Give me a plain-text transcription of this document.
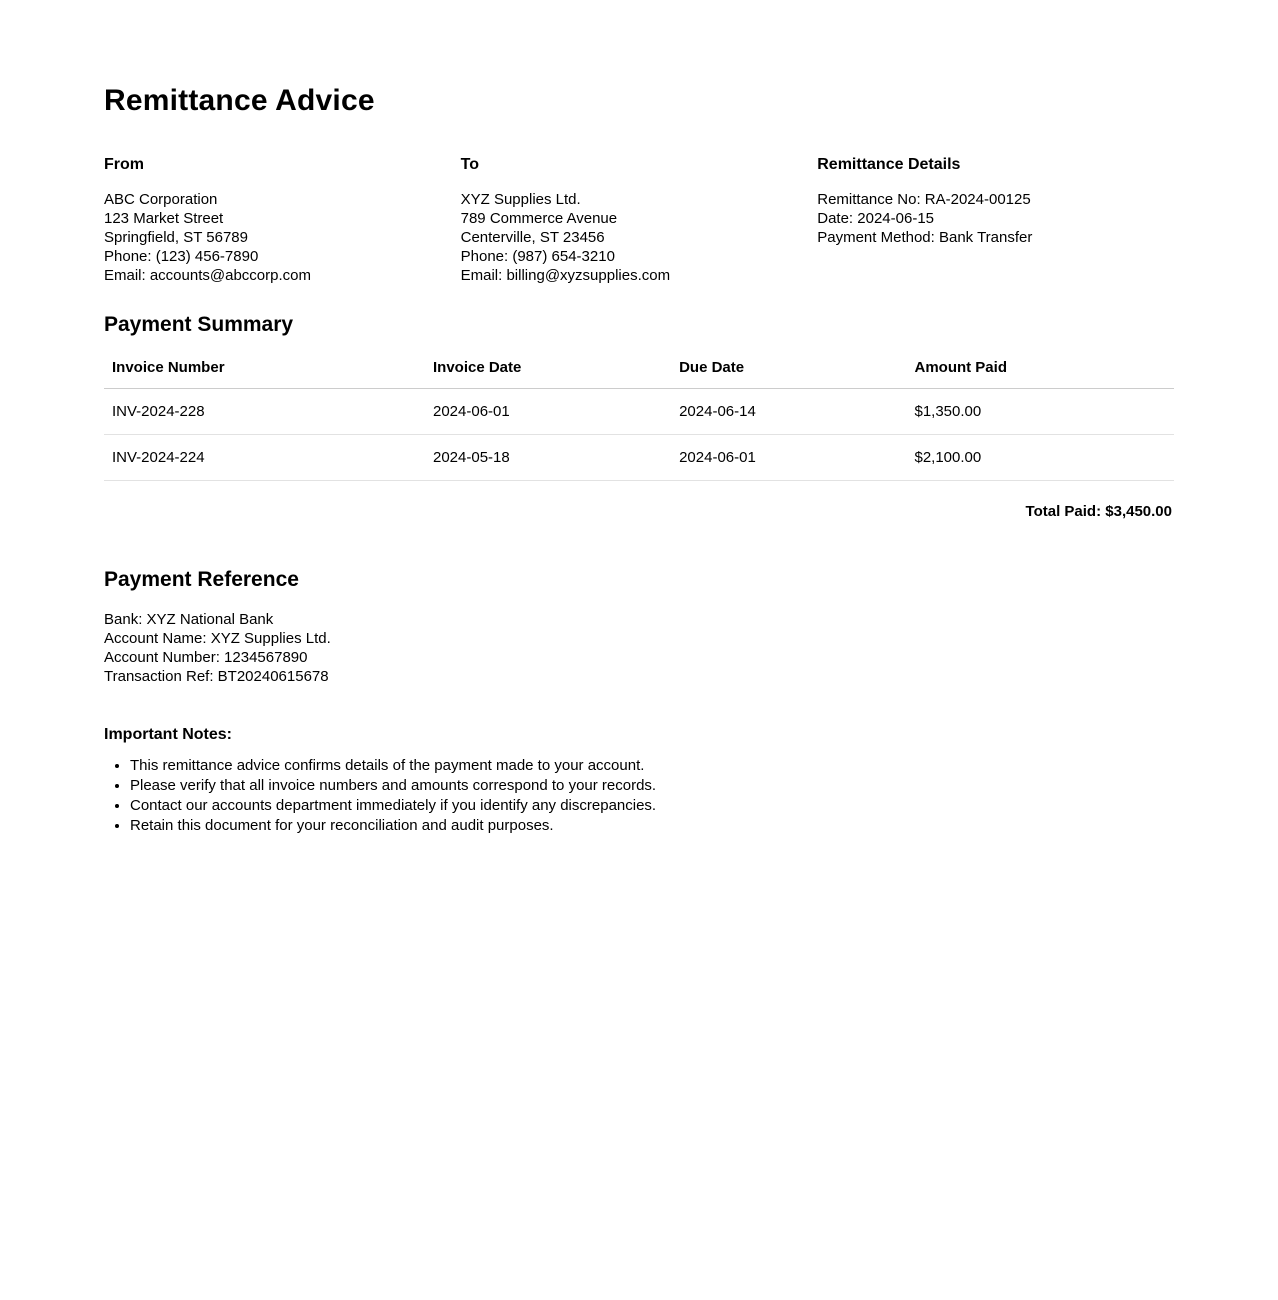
Remittance Advice
From

ABC Corporation

123 Market Street

Springfield, ST 56789

Phone: (123) 456-7890

Email: accounts@abccorp.com

To

XYZ Supplies Ltd.

789 Commerce Avenue

Centerville, ST 23456

Phone: (987) 654-3210

Email: billing@xyzsupplies.com

Remittance Details

Remittance No: RA-2024-00125

Date: 2024-06-15

Payment Method: Bank Transfer

Payment Summary
Invoice Number	Invoice Date	Due Date	Amount Paid
INV-2024-228	2024-06-01	2024-06-14	$1,350.00
INV-2024-224	2024-05-18	2024-06-01	$2,100.00

Total Paid: $3,450.00

Payment Reference

Bank: XYZ National Bank

Account Name: XYZ Supplies Ltd.

Account Number: 1234567890

Transaction Ref: BT20240615678

Important Notes:
• This remittance advice confirms details of the payment made to your account.
• Please verify that all invoice numbers and amounts correspond to your records.
• Contact our accounts department immediately if you identify any discrepancies.
• Retain this document for your reconciliation and audit purposes.
